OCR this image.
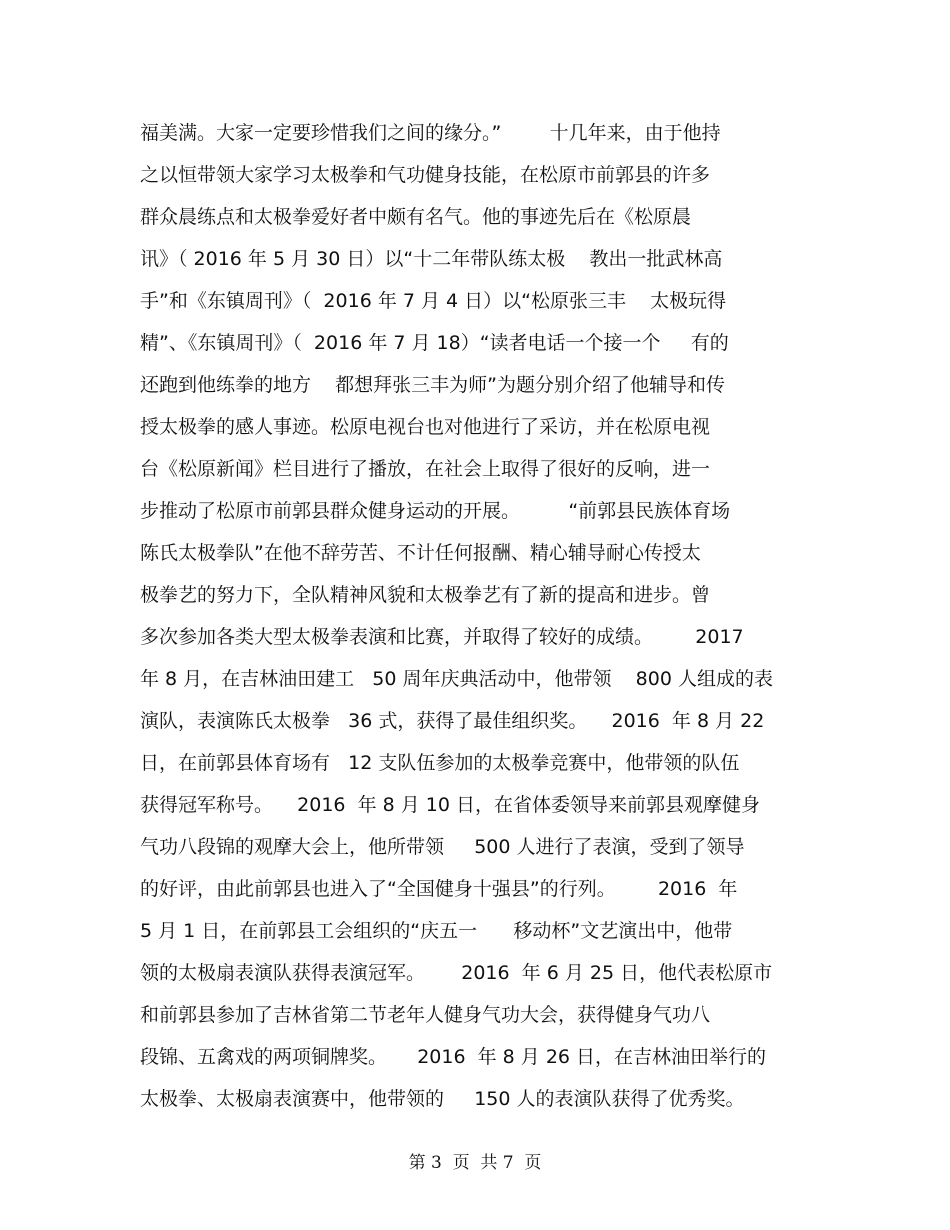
福美满。大家一定要珍惜我们之间的缘分。”        十几年来，由于他持
之以恒带领大家学习太极拳和气功健身技能，在松原市前郭县的许多
群众晨练点和太极拳爱好者中颇有名气。他的事迹先后在《松原晨
讯》（ 2016 年 5 月 30 日）以“十二年带队练太极    教出一批武林高
手”和《东镇周刊》（  2016 年 7 月 4 日）以“松原张三丰    太极玩得
精”、《东镇周刊》（  2016 年 7 月 18）“读者电话一个接一个     有的
还跑到他练拳的地方    都想拜张三丰为师”为题分别介绍了他辅导和传
授太极拳的感人事迹。松原电视台也对他进行了采访，并在松原电视
台《松原新闻》栏目进行了播放，在社会上取得了很好的反响，进一
步推动了松原市前郭县群众健身运动的开展。        “前郭县民族体育场
陈氏太极拳队”在他不辞劳苦、不计任何报酬、精心辅导耐心传授太
极拳艺的努力下，全队精神风貌和太极拳艺有了新的提高和进步。曾
多次参加各类大型太极拳表演和比赛，并取得了较好的成绩。       2017
年 8 月，在吉林油田建工   50 周年庆典活动中，他带领    800 人组成的表
演队，表演陈氏太极拳   36 式，获得了最佳组织奖。    2016  年 8 月 22
日，在前郭县体育场有   12 支队伍参加的太极拳竞赛中，他带领的队伍
获得冠军称号。    2016  年 8 月 10 日，在省体委领导来前郭县观摩健身
气功八段锦的观摩大会上，他所带领     500 人进行了表演，受到了领导
的好评，由此前郭县也进入了“全国健身十强县”的行列。       2016  年
5 月 1 日，在前郭县工会组织的“庆五一      移动杯”文艺演出中，他带
领的太极扇表演队获得表演冠军。      2016  年 6 月 25 日，他代表松原市
和前郭县参加了吉林省第二节老年人健身气功大会，获得健身气功八
段锦、五禽戏的两项铜牌奖。     2016  年 8 月 26 日，在吉林油田举行的
太极拳、太极扇表演赛中，他带领的     150 人的表演队获得了优秀奖。
第 3  页  共 7  页
